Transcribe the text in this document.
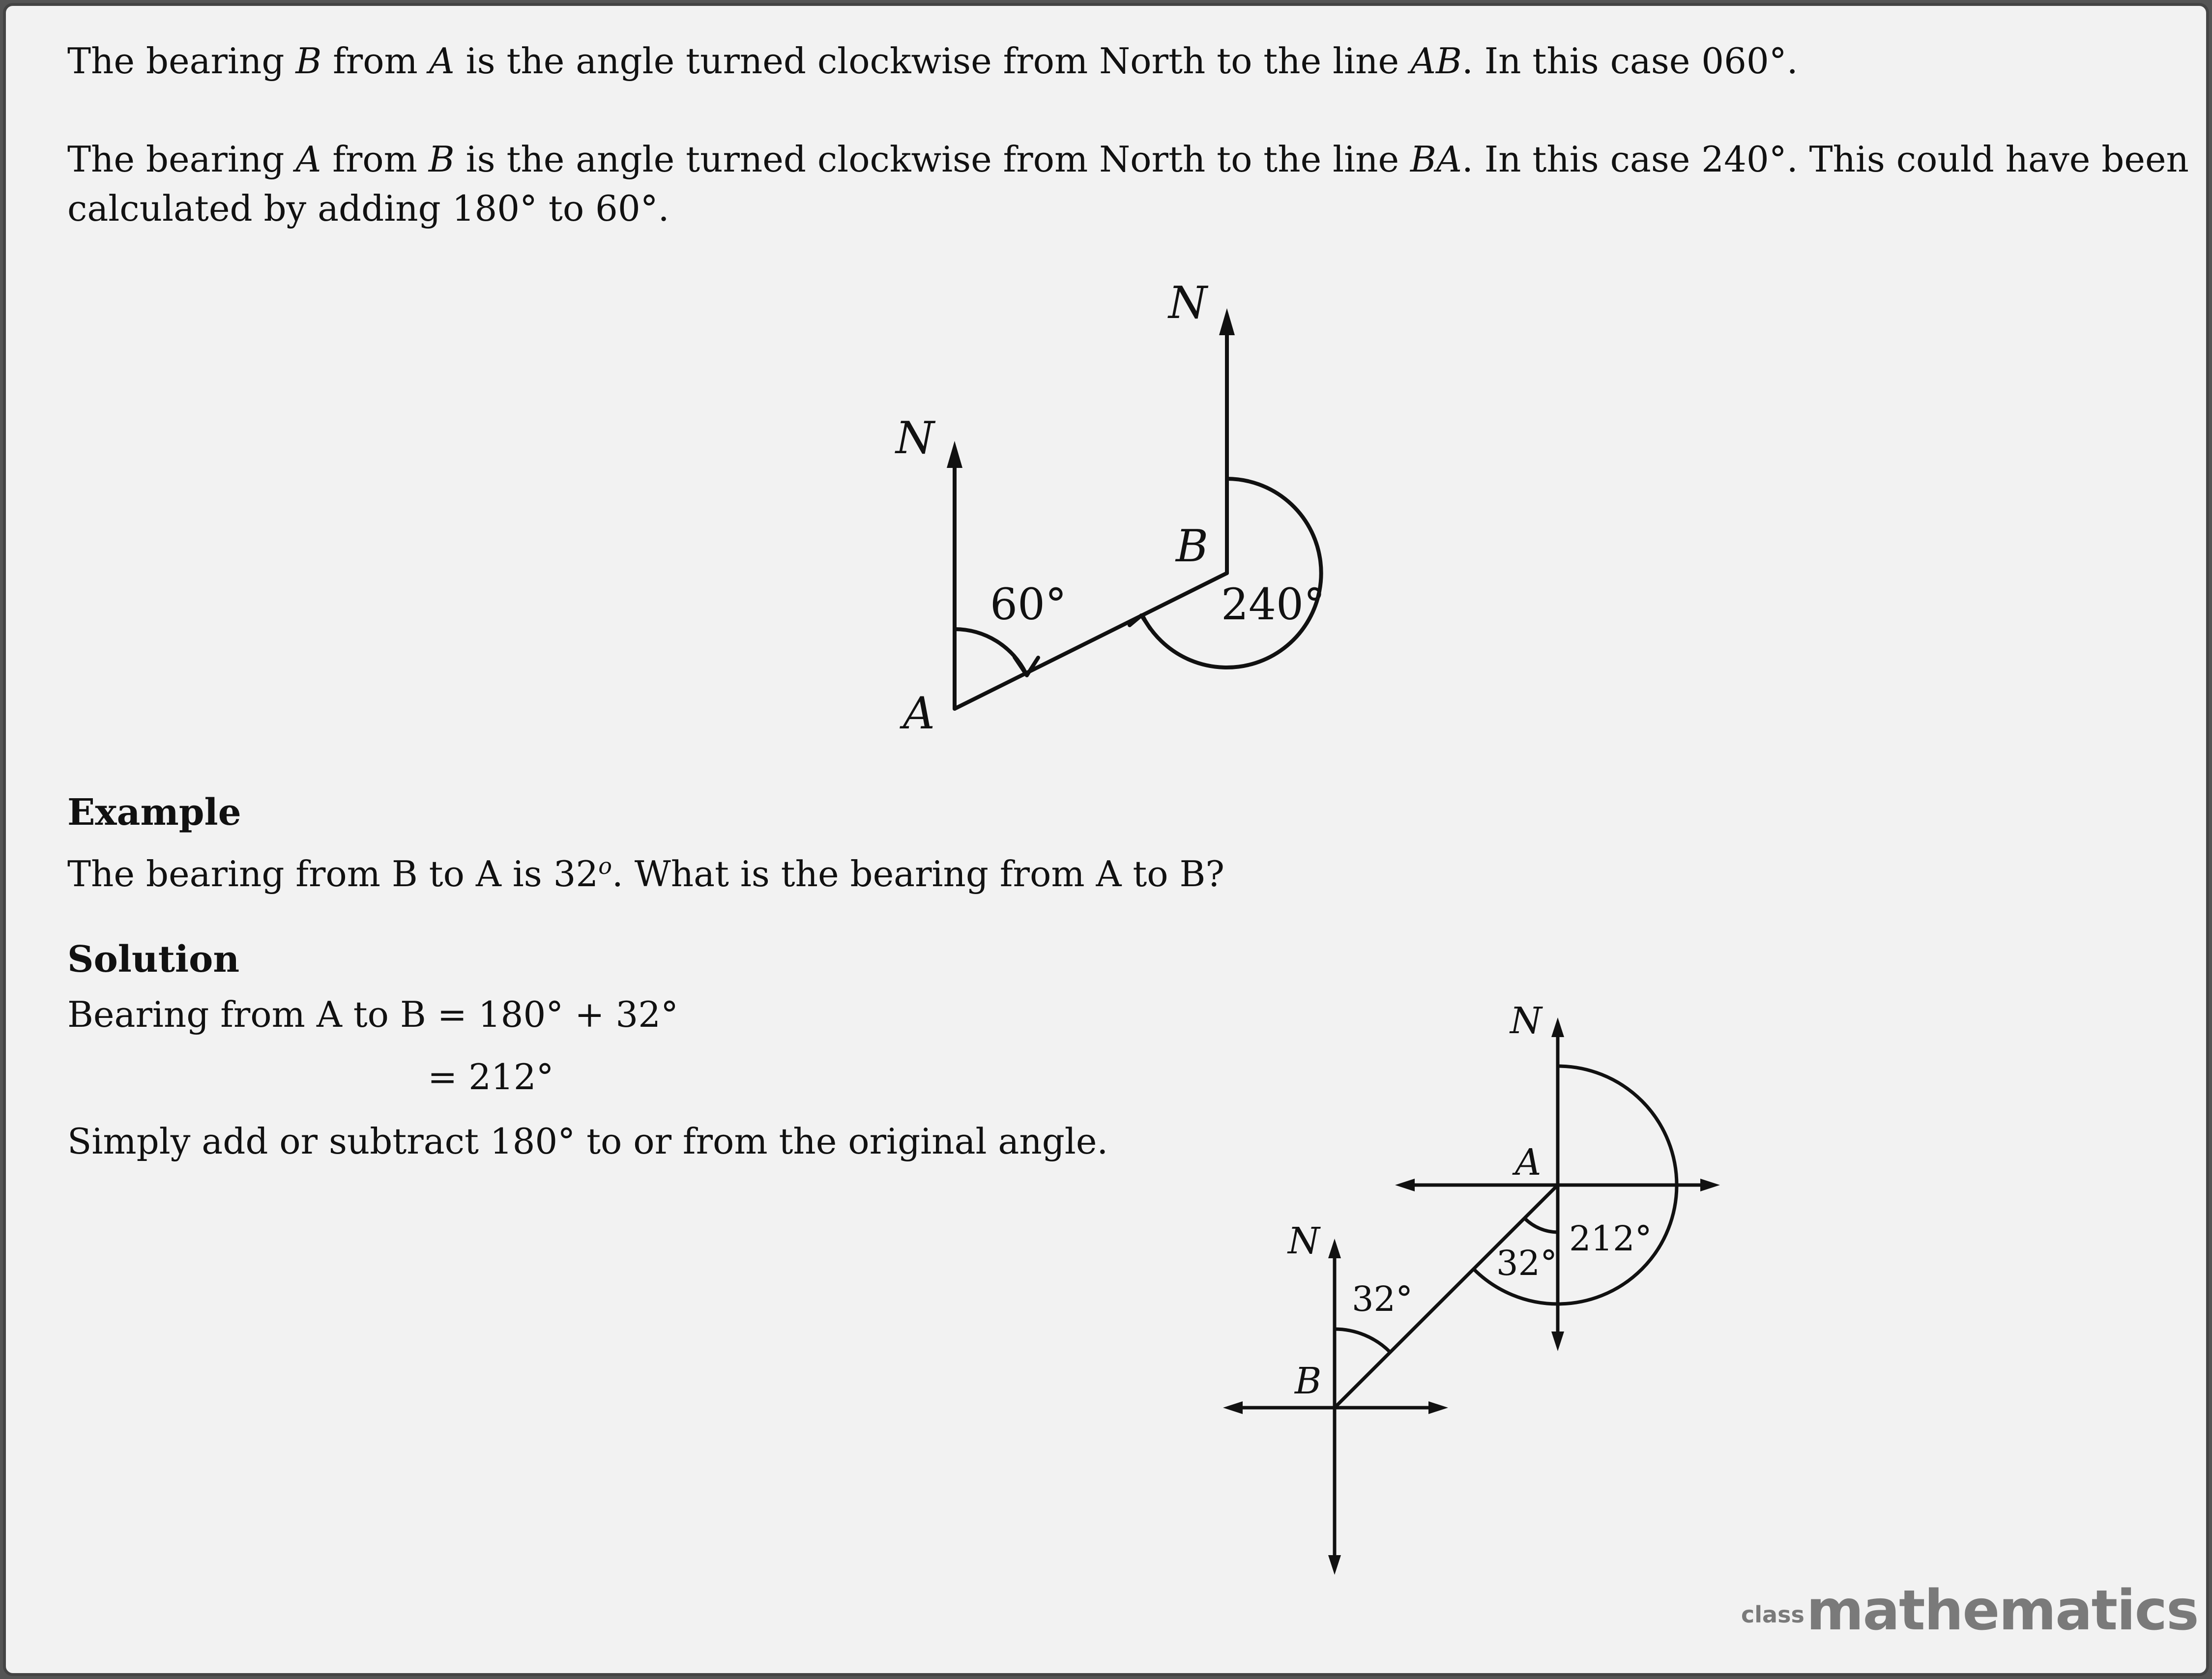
The bearing B from A is the angle turned clockwise from North to the line AB. In this case 060°.

The bearing A from B is the angle turned clockwise from North to the line BA. In this case 240°. This could have been

calculated by adding 180° to 60°.

N
N
A
B
60°	240°

Example

The bearing from B to A is 32$^o$. What is the bearing from A to B?

Solution

Bearing from A to B = 180° + 32°

= 212°

Simply add or subtract 180° to or from the original angle.

N
N
A
B
32°
32°
212°
classmathematics
